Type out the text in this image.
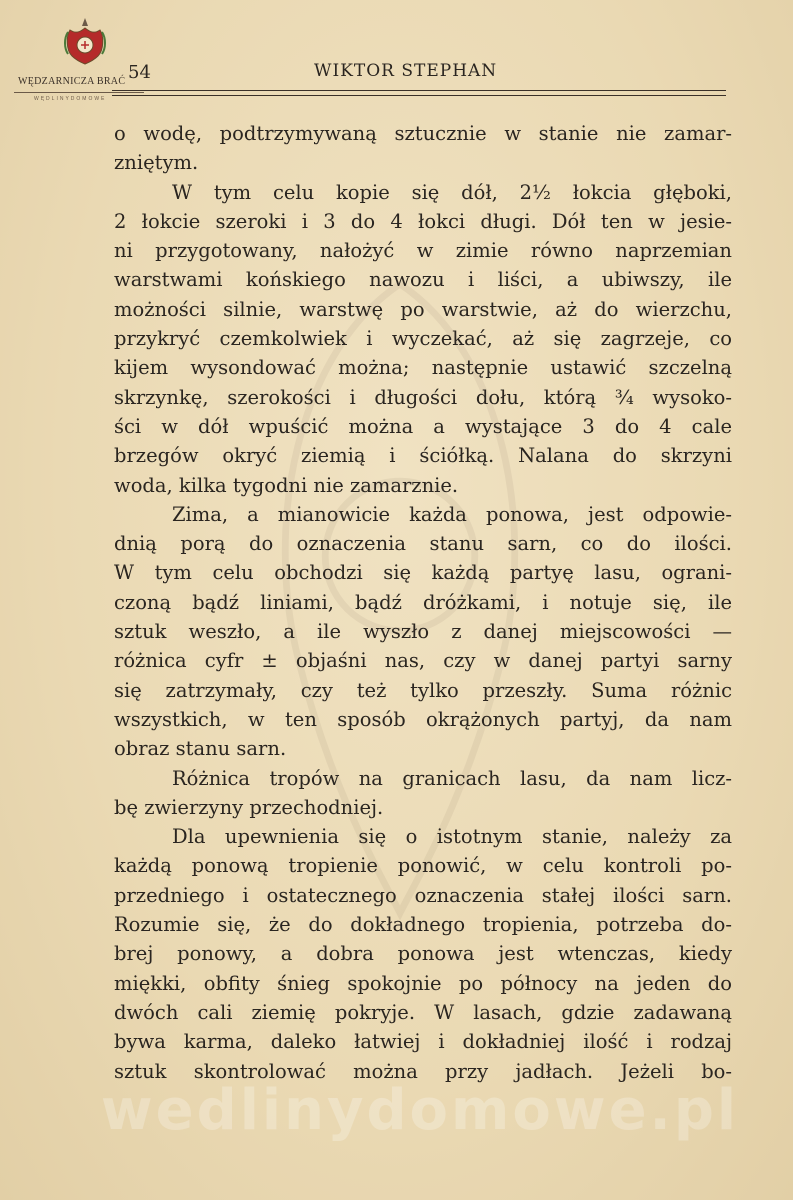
WĘDZARNICZA BRAĆ
WĘDLINYDOMOWE
54	WIKTOR STEPHAN
o wodę, podtrzymywaną sztucznie w stanie nie zamar-
zniętym.
W tym celu kopie się dół, 2½ łokcia głęboki,
2 łokcie szeroki i 3 do 4 łokci długi. Dół ten w jesie-
ni przygotowany, nałożyć w zimie równo naprzemian
warstwami końskiego nawozu i liści, a ubiwszy, ile
możności silnie, warstwę po warstwie, aż do wierzchu,
przykryć czemkolwiek i wyczekać, aż się zagrzeje, co
kijem wysondować można; następnie ustawić szczelną
skrzynkę, szerokości i długości dołu, którą ¾ wysoko-
ści w dół wpuścić można a wystające 3 do 4 cale
brzegów okryć ziemią i ściółką. Nalana do skrzyni
woda, kilka tygodni nie zamarznie.
Zima, a mianowicie każda ponowa, jest odpowie-
dnią porą do oznaczenia stanu sarn, co do ilości.
W tym celu obchodzi się każdą partyę lasu, ograni-
czoną bądź liniami, bądź dróżkami, i notuje się, ile
sztuk weszło, a ile wyszło z danej miejscowości —
różnica cyfr ± objaśni nas, czy w danej partyi sarny
się zatrzymały, czy też tylko przeszły. Suma różnic
wszystkich, w ten sposób okrążonych partyj, da nam
obraz stanu sarn.
Różnica tropów na granicach lasu, da nam licz-
bę zwierzyny przechodniej.
Dla upewnienia się o istotnym stanie, należy za
każdą ponową tropienie ponowić, w celu kontroli po-
przedniego i ostatecznego oznaczenia stałej ilości sarn.
Rozumie się, że do dokładnego tropienia, potrzeba do-
brej ponowy, a dobra ponowa jest wtenczas, kiedy
miękki, obfity śnieg spokojnie po północy na jeden do
dwóch cali ziemię pokryje. W lasach, gdzie zadawaną
bywa karma, daleko łatwiej i dokładniej ilość i rodzaj
sztuk skontrolować można przy jadłach. Jeżeli bo-
wedlinydomowe.pl
